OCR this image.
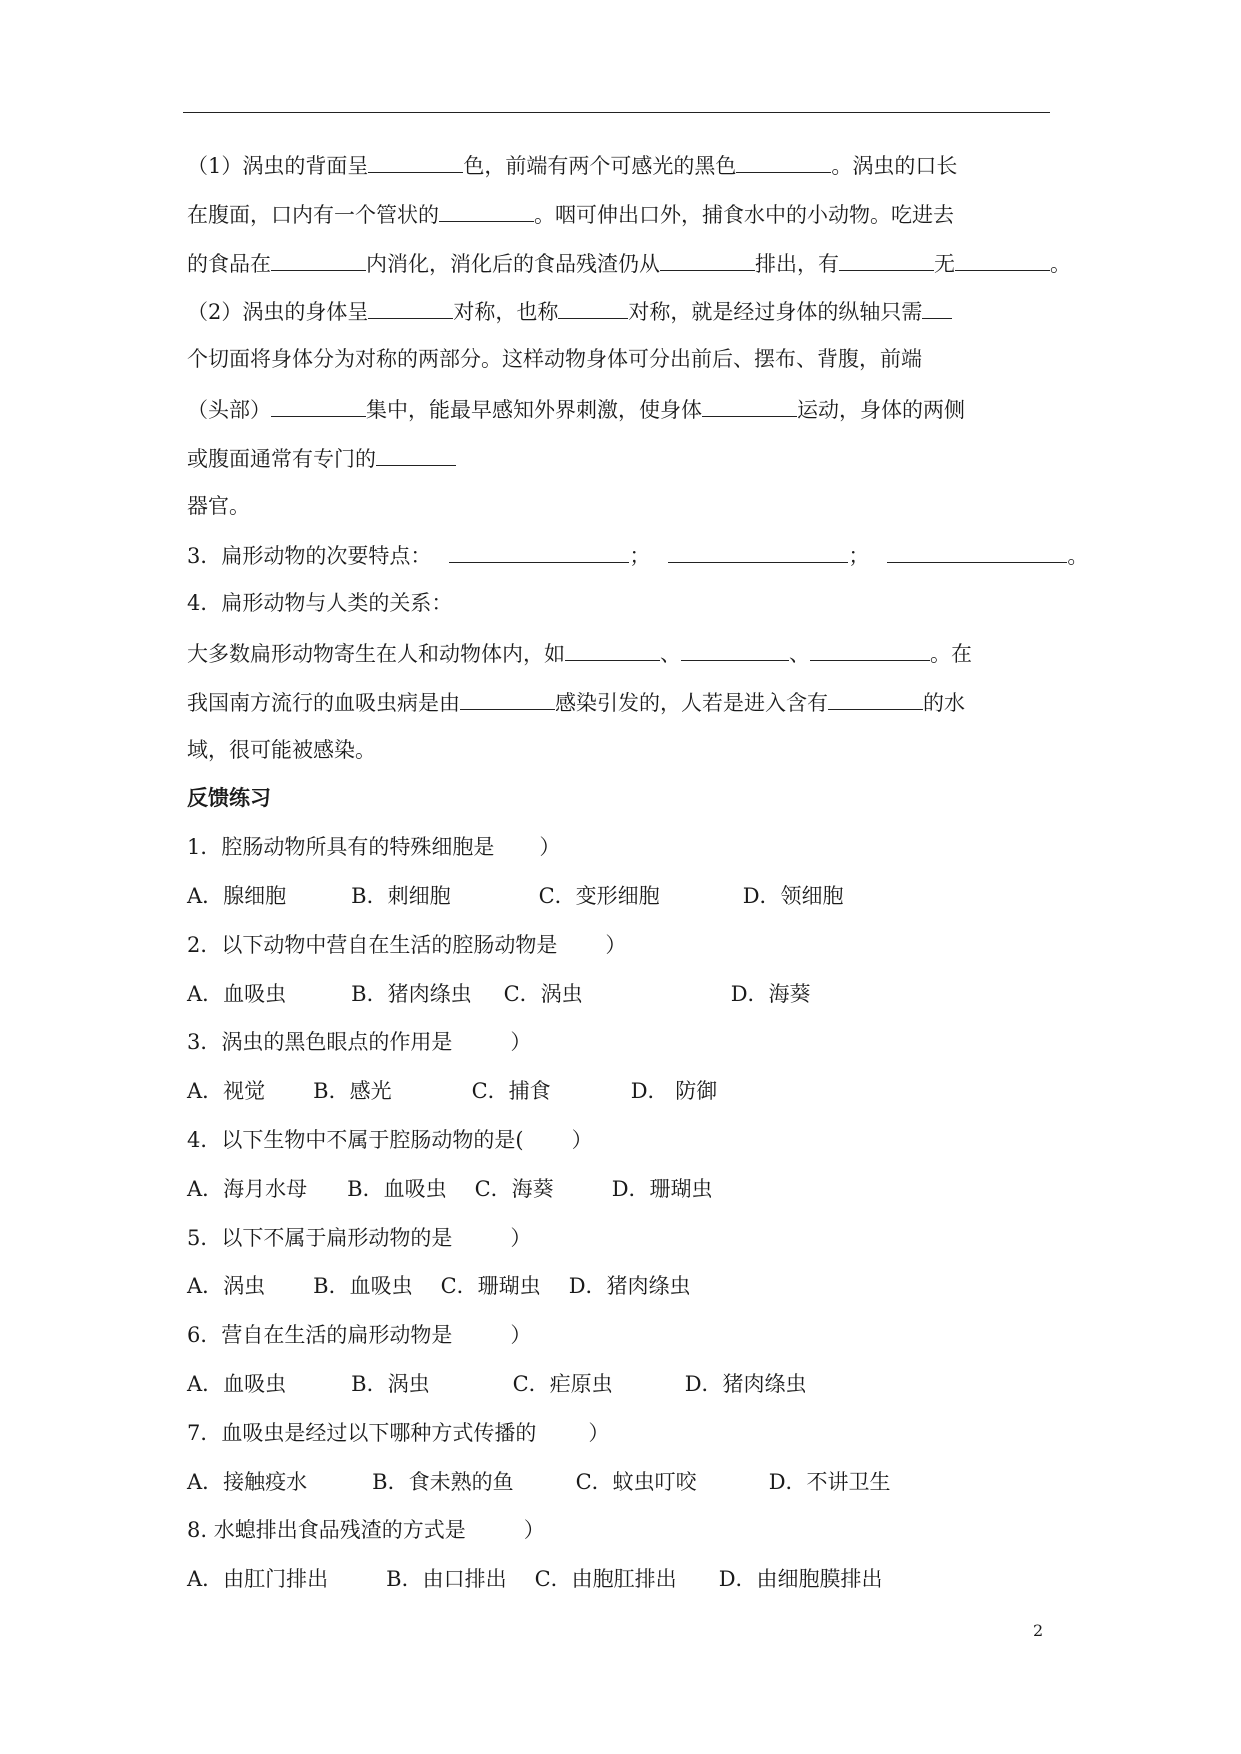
（1）涡虫的背面呈	色，前端有两个可感光的黑色	。涡虫的口长
在腹面，口内有一个管状的	。咽可伸出口外，捕食水中的小动物。吃进去
的食品在	内消化，消化后的食品残渣仍从	排出，有	无	。
（2）涡虫的身体呈	对称，也称	对称，就是经过身体的纵轴只需
个切面将身体分为对称的两部分。这样动物身体可分出前后、摆布、背腹，前端
（头部）	集中，能最早感知外界刺激，使身体	运动，身体的两侧
或腹面通常有专门的
器官。
3．扁形动物的次要特点：	；	；	。
4．扁形动物与人类的关系：
大多数扁形动物寄生在人和动物体内，如	、	、	。在
我国南方流行的血吸虫病是由	感染引发的，人若是进入含有	的水
域，很可能被感染。
反馈练习
1．腔肠动物所具有的特殊细胞是 ）
A．腺细胞	B．刺细胞	C．变形细胞	D．领细胞
2．以下动物中营自在生活的腔肠动物是 ）
A．血吸虫	B．猪肉绦虫 C．涡虫	D．海葵
3．涡虫的黑色眼点的作用是	）
A．视觉 B．感光	C．捕食	D． 防御
4．以下生物中不属于腔肠动物的是( ）
A．海月水母 B．血吸虫 C．海葵	D．珊瑚虫
5．以下不属于扁形动物的是	）
A．涡虫 B．血吸虫 C．珊瑚虫 D．猪肉绦虫
6．营自在生活的扁形动物是	）
A．血吸虫	B．涡虫	C．疟原虫	D．猪肉绦虫
7．血吸虫是经过以下哪种方式传播的 ）
A．接触疫水	B．食未熟的鱼	C．蚊虫叮咬	D．不讲卫生
8. 水螅排出食品残渣的方式是	）
A．由肛门排出	B．由口排出 C．由胞肛排出 D．由细胞膜排出
2
